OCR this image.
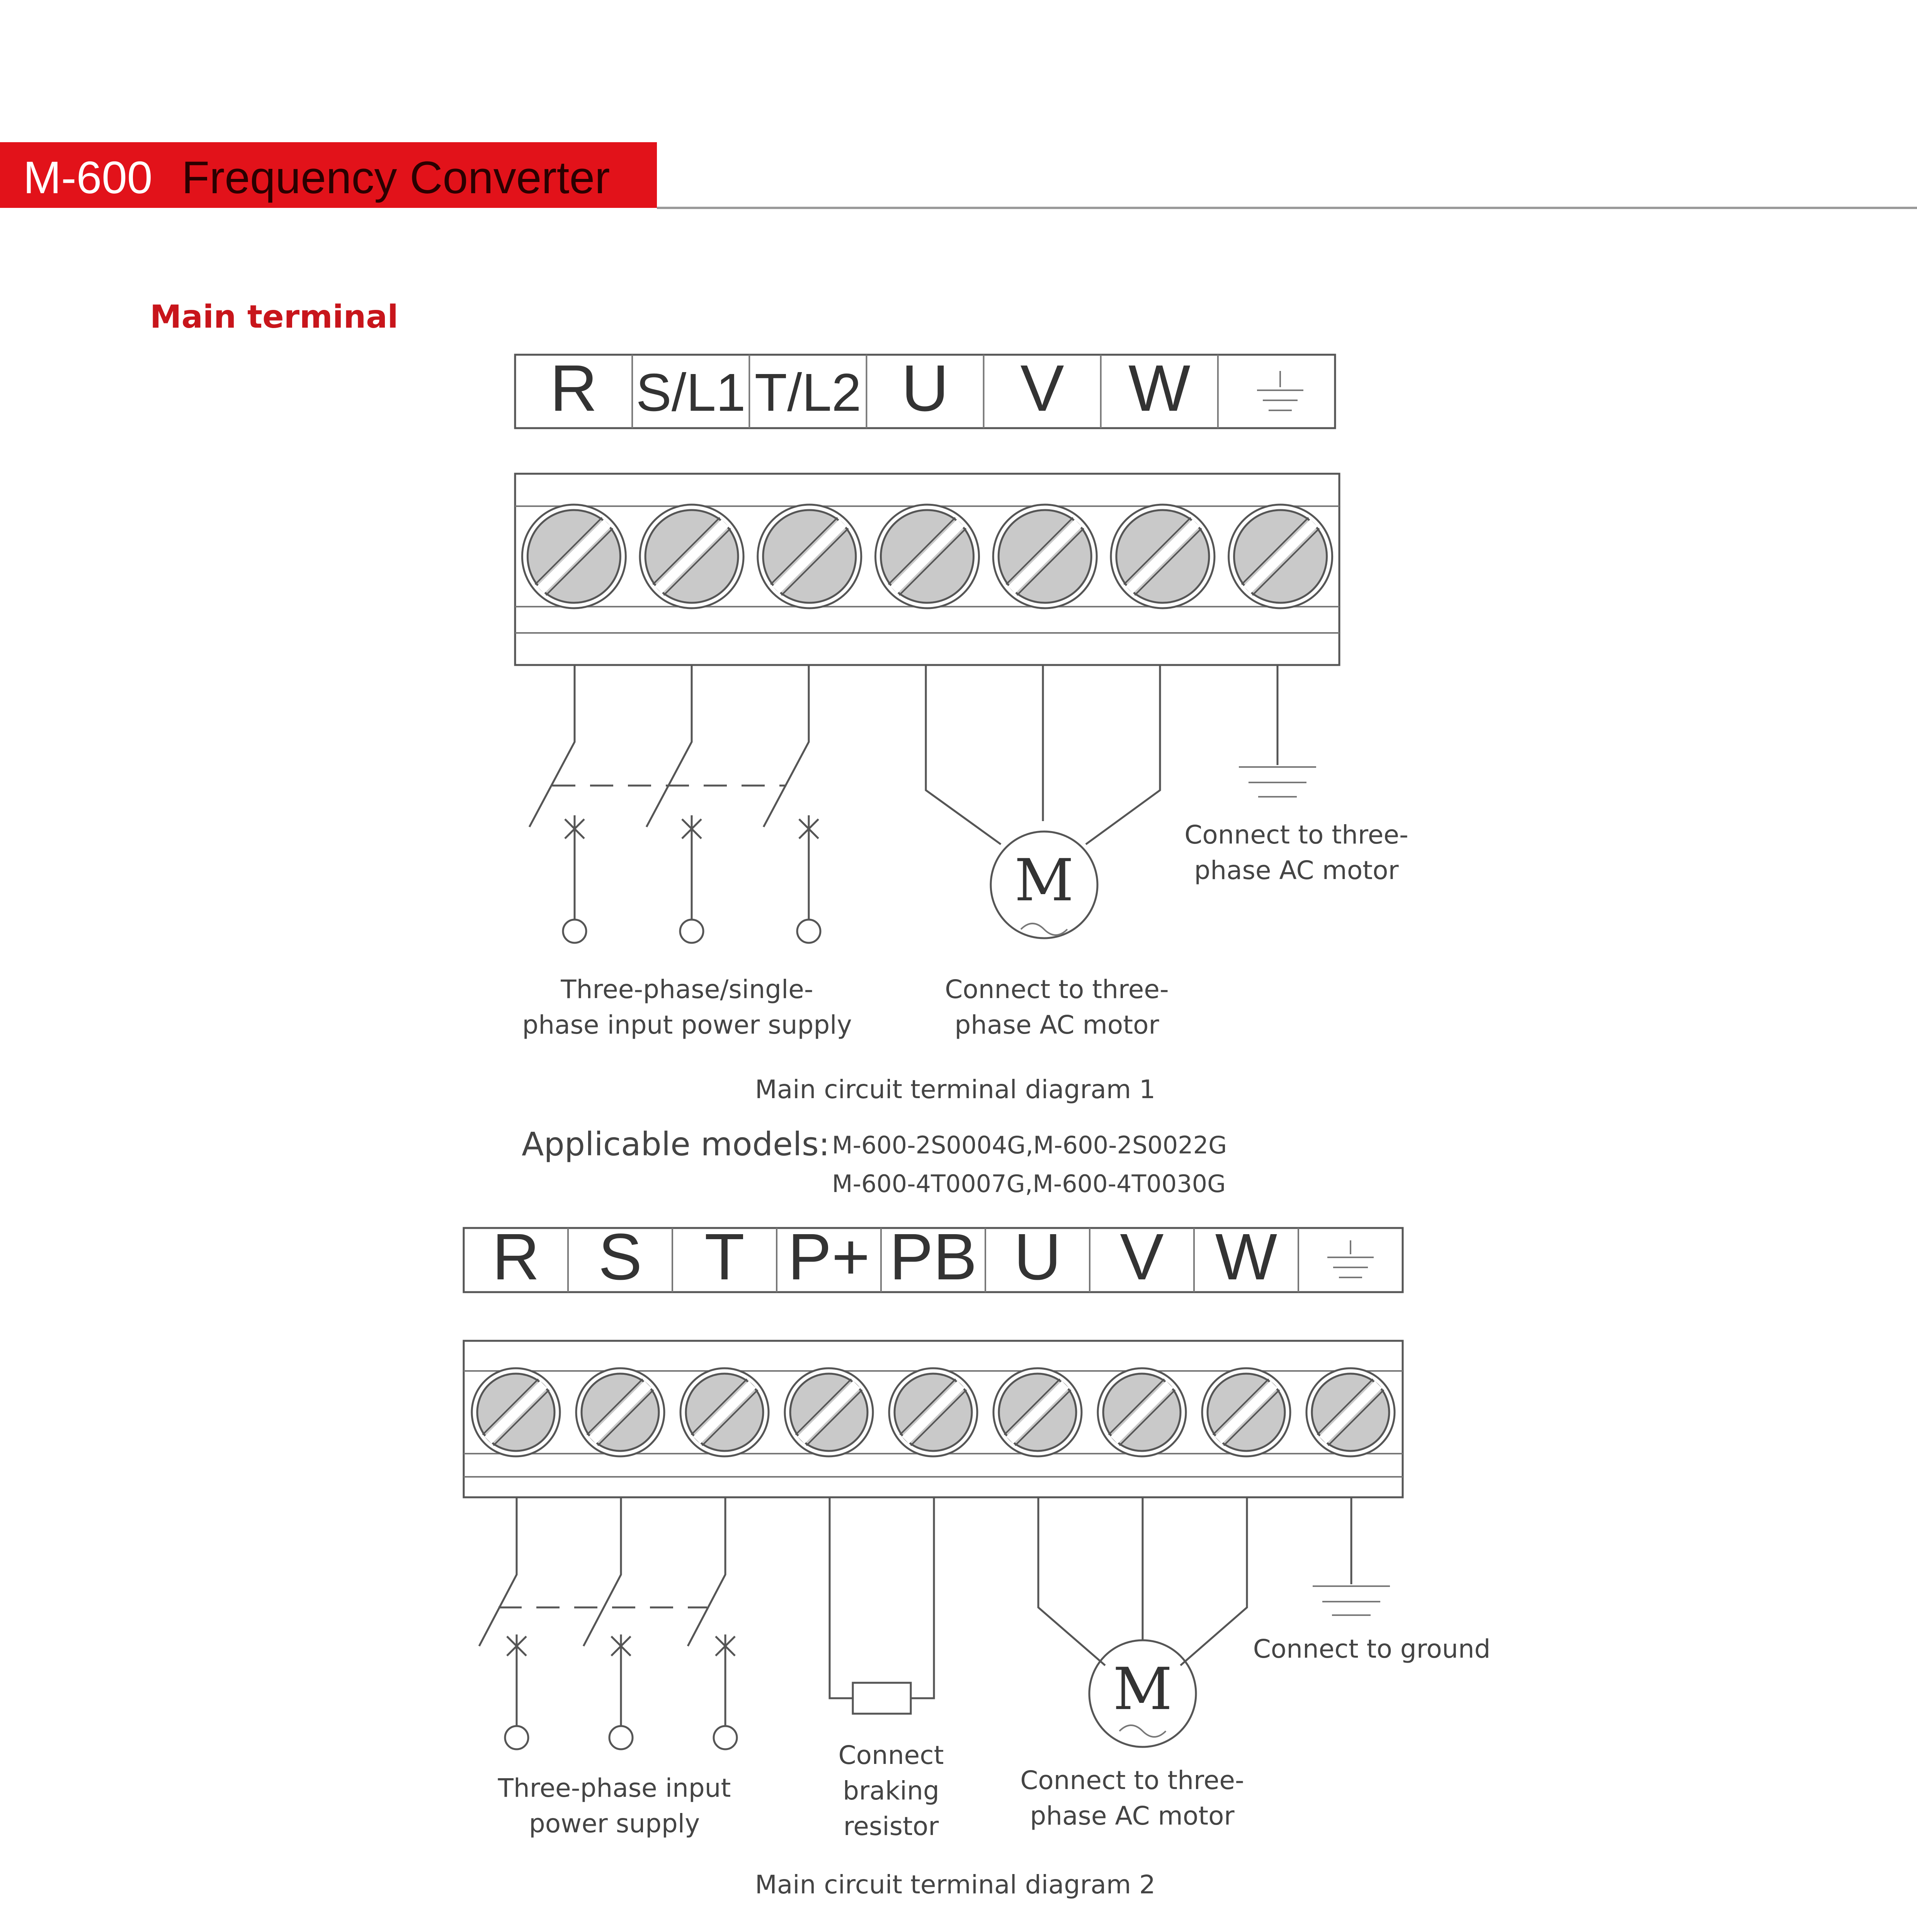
M-600 Frequency Converter
Main terminal
R S/L1 T/L2 U V W
M
Connect to three-
phase AC motor
Three-phase/single-
phase input power supply
Connect to three-
phase AC motor
Main circuit terminal diagram 1
Applicable models: M-600-2S0004G,M-600-2S0022G
M-600-4T0007G,M-600-4T0030G
R S T P+ PB U V W
M
Connect to ground
Three-phase input
power supply
Connect
braking
resistor
Connect to three-
phase AC motor
Main circuit terminal diagram 2
